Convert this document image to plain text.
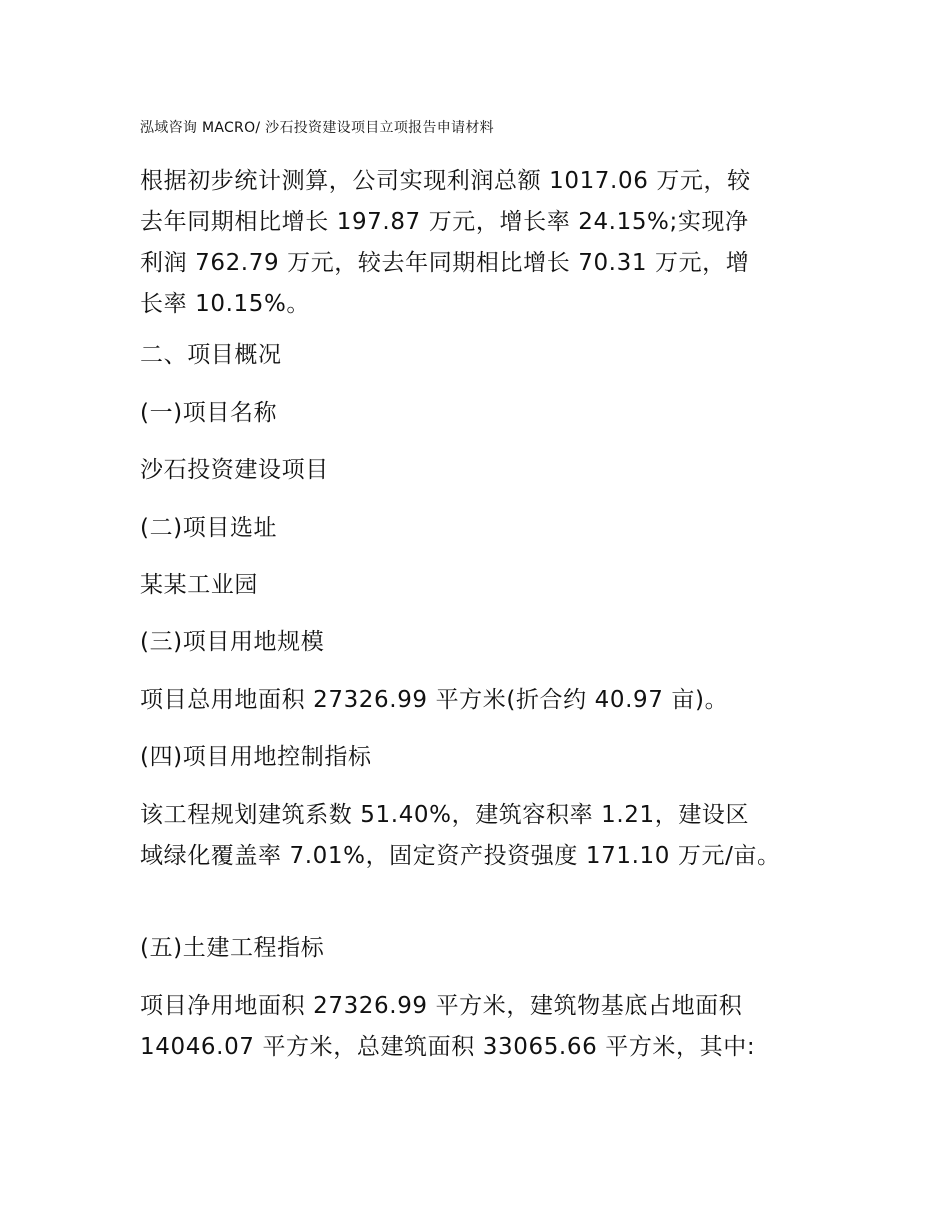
泓域咨询 MACRO/ 沙石投资建设项目立项报告申请材料
根据初步统计测算，公司实现利润总额 1017.06 万元，较
去年同期相比增长 197.87 万元，增长率 24.15%;实现净
利润 762.79 万元，较去年同期相比增长 70.31 万元，增
长率 10.15%。
二、项目概况
(一)项目名称
沙石投资建设项目
(二)项目选址
某某工业园
(三)项目用地规模
项目总用地面积 27326.99 平方米(折合约 40.97 亩)。
(四)项目用地控制指标
该工程规划建筑系数 51.40%，建筑容积率 1.21，建设区
域绿化覆盖率 7.01%，固定资产投资强度 171.10 万元/亩。
(五)土建工程指标
项目净用地面积 27326.99 平方米，建筑物基底占地面积
14046.07 平方米，总建筑面积 33065.66 平方米，其中:
